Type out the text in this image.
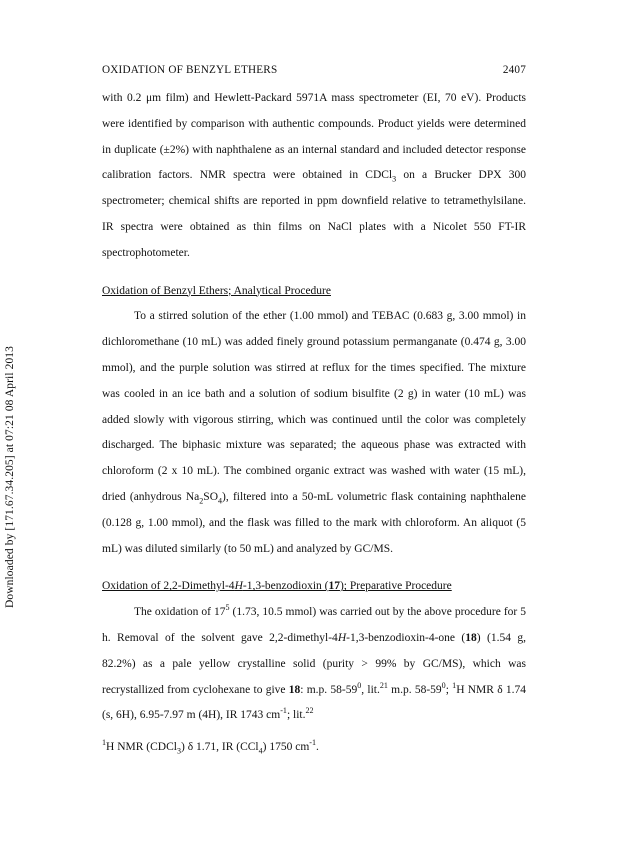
OXIDATION OF BENZYL ETHERS	2407
Downloaded by [171.67.34.205] at 07:21 08 April 2013

with 0.2 μm film) and Hewlett-Packard 5971A mass spectrometer (EI, 70 eV). Products were identified by comparison with authentic compounds. Product yields were determined in duplicate (±2%) with naphthalene as an internal standard and included detector response calibration factors. NMR spectra were obtained in CDCl$_3$ on a Brucker DPX 300 spectrometer; chemical shifts are reported in ppm downfield relative to tetramethylsilane. IR spectra were obtained as thin films on NaCl plates with a Nicolet 550 FT-IR spectrophotometer.

Oxidation of Benzyl Ethers; Analytical Procedure

To a stirred solution of the ether (1.00 mmol) and TEBAC (0.683 g, 3.00 mmol) in dichloromethane (10 mL) was added finely ground potassium permanganate (0.474 g, 3.00 mmol), and the purple solution was stirred at reflux for the times specified. The mixture was cooled in an ice bath and a solution of sodium bisulfite (2 g) in water (10 mL) was added slowly with vigorous stirring, which was continued until the color was completely discharged. The biphasic mixture was separated; the aqueous phase was extracted with chloroform (2 x 10 mL). The combined organic extract was washed with water (15 mL), dried (anhydrous $Na_2SO_4$), filtered into a 50-mL volumetric flask containing naphthalene (0.128 g, 1.00 mmol), and the flask was filled to the mark with chloroform. An aliquot (5 mL) was diluted similarly (to 50 mL) and analyzed by GC/MS.

Oxidation of 2,2-Dimethyl-4H-1,3-benzodioxin (17); Preparative Procedure

The oxidation of $17^5$ (1.73, 10.5 mmol) was carried out by the above procedure for 5 h. Removal of the solvent gave 2,2-dimethyl-4H-1,3-benzodioxin-4-one (18) (1.54 g, 82.2%) as a pale yellow crystalline solid (purity > 99% by GC/MS), which was recrystallized from cyclohexane to give 18: m.p. $58-59^0$, lit.$^{21}$ m.p. $58-59^0$; $^1$H NMR δ 1.74 (s, 6H), 6.95-7.97 m (4H), IR 1743 $cm^{-1}$; lit.$^{22}$

$^1$H NMR (CDCl$_3$) δ 1.71, IR (CCl$_4$) 1750 $cm^{-1}$.
